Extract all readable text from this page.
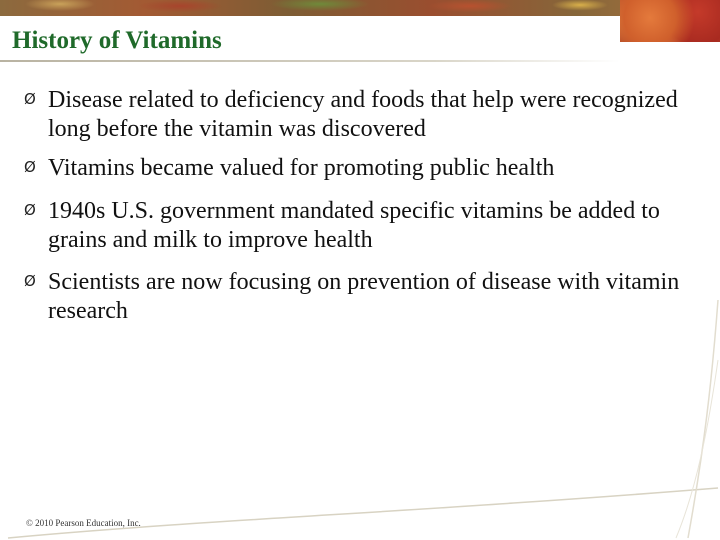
History of Vitamins
Ø Disease related to deficiency and foods that help were recognized long before the vitamin was discovered
Ø Vitamins became valued for promoting public health
Ø 1940s U.S. government mandated specific vitamins be added to grains and milk to improve health
Ø Scientists are now focusing on prevention of disease with vitamin research
© 2010 Pearson Education, Inc.
